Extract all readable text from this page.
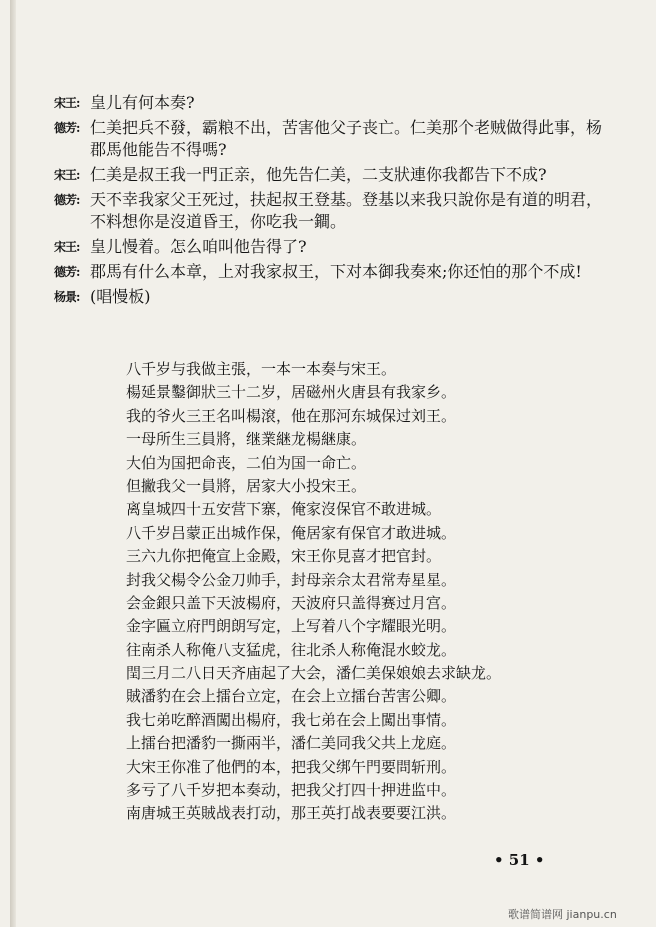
宋王: 皇儿有何本奏?
德芳: 仁美把兵不發，霸粮不出，苦害他父子丧亡。仁美那个老贼做得此事，杨郡馬他能告不得嗎?
宋王: 仁美是叔王我一門正亲，他先告仁美，二支狀連你我都告下不成?
德芳: 天不幸我家父王死过，扶起叔王登基。登基以来我只說你是有道的明君，不料想你是沒道昏王，你吃我一鐧。
宋王: 皇儿慢着。怎么咱叫他告得了?
德芳: 郡馬有什么本章，上对我家叔王，下对本御我奏來;你还怕的那个不成!
杨景: (唱慢板)
八千岁与我做主張，一本一本奏与宋王。
楊延景鑿御狀三十二岁，居磁州火唐县有我家乡。
我的爷火三王名叫楊滾，他在那河东城保过刘王。
一母所生三員將，继業継龙楊継康。
大伯为国把命丧，二伯为国一命亡。
但撇我父一員將，居家大小投宋王。
离皇城四十五安营下寨，俺家沒保官不敢进城。
八千岁吕蒙正出城作保，俺居家有保官才敢进城。
三六九你把俺宣上金殿，宋王你見喜才把官封。
封我父楊令公金刀帅手，封母亲佘太君常寿星星。
会金銀只盖下天波楊府，天波府只盖得赛过月宫。
金字匾立府門朗朗写定，上写着八个字耀眼光明。
往南杀人称俺八支猛虎，往北杀人称俺混水蛟龙。
閏三月二八日天齐庙起了大会，潘仁美保娘娘去求缺龙。
賊潘豹在会上擂台立定，在会上立擂台苦害公卿。
我七弟吃醉酒闖出楊府，我七弟在会上闖出事情。
上擂台把潘豹一撕兩半，潘仁美同我父共上龙庭。
大宋王你准了他們的本，把我父绑午門要問斩刑。
多亏了八千岁把本奏动，把我父打四十押进监中。
南唐城王英賊战表打动，那王英打战表要要江洪。
• 51 •
歌谱简谱网 jianpu.cn
